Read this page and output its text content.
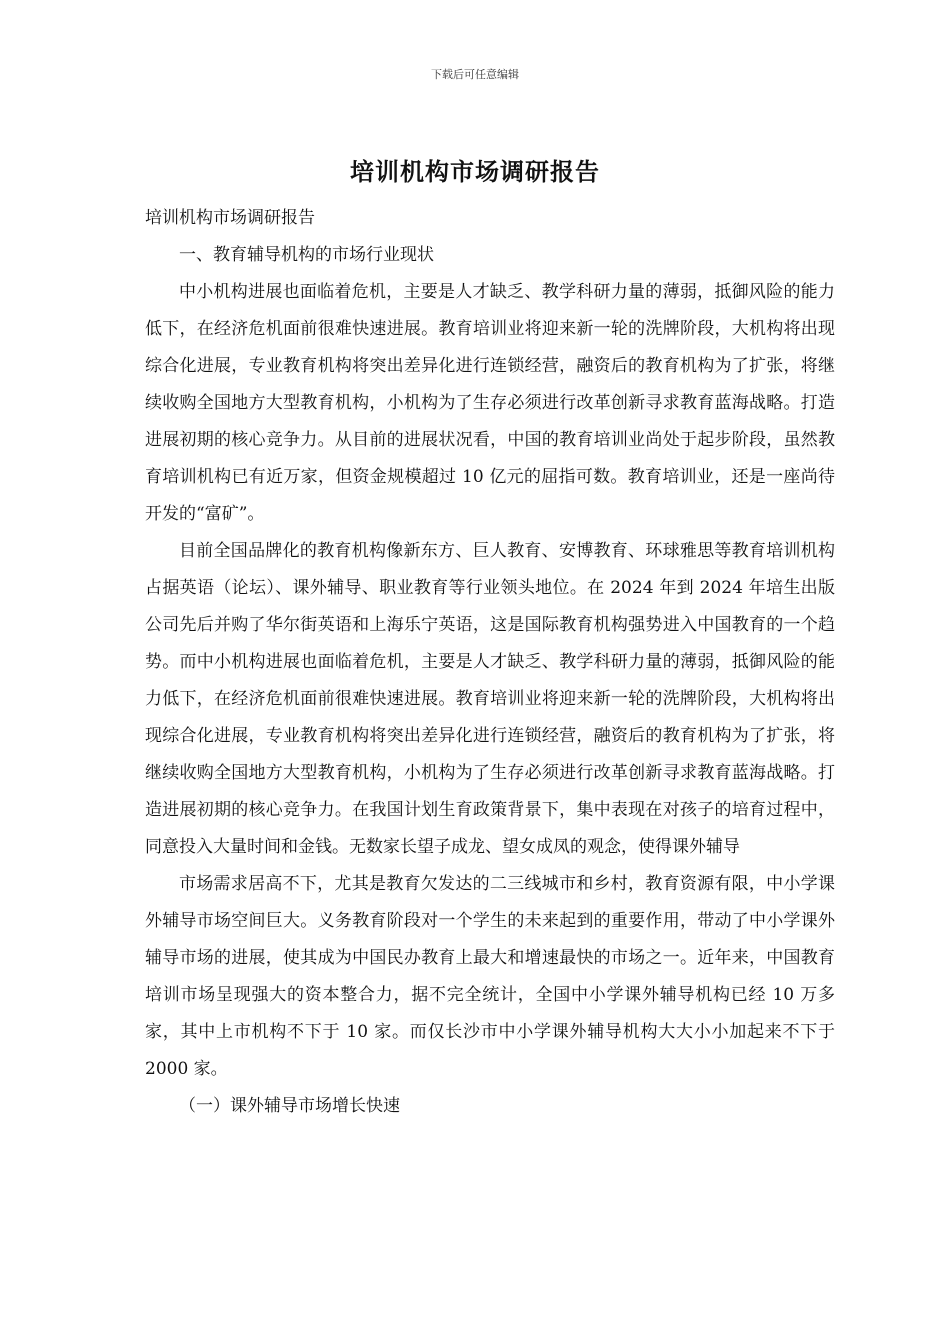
下载后可任意编辑
培训机构市场调研报告

培训机构市场调研报告

一、教育辅导机构的市场行业现状

中小机构进展也面临着危机，主要是人才缺乏、教学科研力量的薄弱，抵御风险的能力低下，在经济危机面前很难快速进展。教育培训业将迎来新一轮的洗牌阶段，大机构将出现综合化进展，专业教育机构将突出差异化进行连锁经营，融资后的教育机构为了扩张，将继续收购全国地方大型教育机构，小机构为了生存必须进行改革创新寻求教育蓝海战略。打造进展初期的核心竞争力。从目前的进展状况看，中国的教育培训业尚处于起步阶段，虽然教育培训机构已有近万家，但资金规模超过 10 亿元的屈指可数。教育培训业，还是一座尚待开发的“富矿”。

目前全国品牌化的教育机构像新东方、巨人教育、安博教育、环球雅思等教育培训机构占据英语（论坛）、课外辅导、职业教育等行业领头地位。在 2024 年到 2024 年培生出版公司先后并购了华尔街英语和上海乐宁英语，这是国际教育机构强势进入中国教育的一个趋势。而中小机构进展也面临着危机，主要是人才缺乏、教学科研力量的薄弱，抵御风险的能力低下，在经济危机面前很难快速进展。教育培训业将迎来新一轮的洗牌阶段，大机构将出现综合化进展，专业教育机构将突出差异化进行连锁经营，融资后的教育机构为了扩张，将继续收购全国地方大型教育机构，小机构为了生存必须进行改革创新寻求教育蓝海战略。打造进展初期的核心竞争力。在我国计划生育政策背景下，集中表现在对孩子的培育过程中，同意投入大量时间和金钱。无数家长望子成龙、望女成凤的观念，使得课外辅导

市场需求居高不下，尤其是教育欠发达的二三线城市和乡村，教育资源有限，中小学课外辅导市场空间巨大。义务教育阶段对一个学生的未来起到的重要作用，带动了中小学课外辅导市场的进展，使其成为中国民办教育上最大和增速最快的市场之一。近年来，中国教育培训市场呈现强大的资本整合力，据不完全统计，全国中小学课外辅导机构已经 10 万多家，其中上市机构不下于 10 家。而仅长沙市中小学课外辅导机构大大小小加起来不下于 2000 家。

（一）课外辅导市场增长快速
